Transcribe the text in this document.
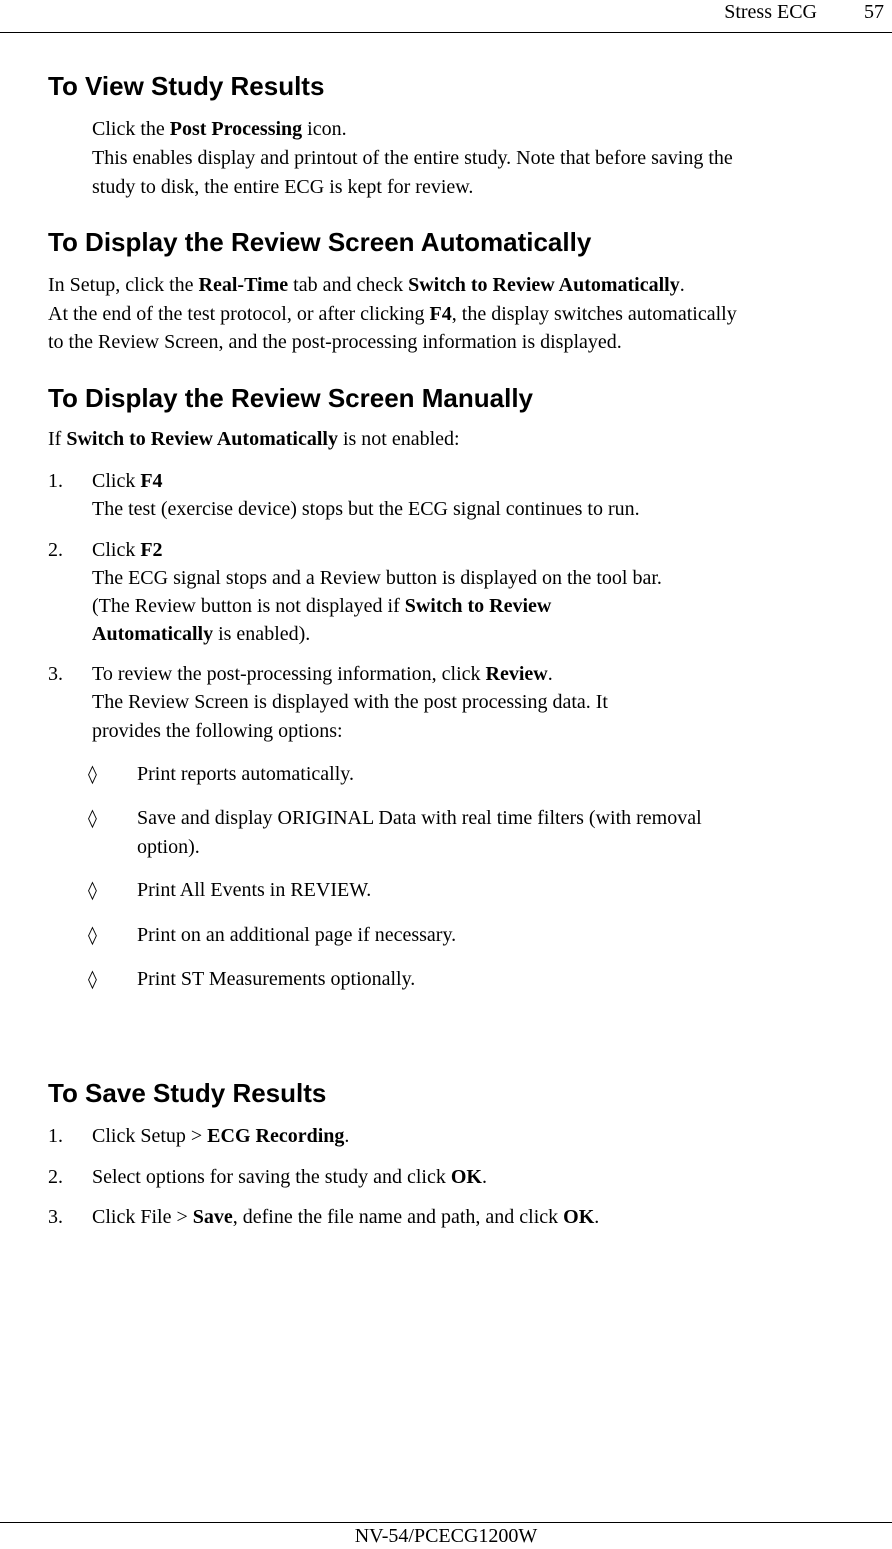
Stress ECG 57
To View Study Results
Click the Post Processing icon.
This enables display and printout of the entire study. Note that before saving the
study to disk, the entire ECG is kept for review.
To Display the Review Screen Automatically
In Setup, click the Real-Time tab and check Switch to Review Automatically.
At the end of the test protocol, or after clicking F4, the display switches automatically
to the Review Screen, and the post-processing information is displayed.
To Display the Review Screen Manually
If Switch to Review Automatically is not enabled:
1. Click F4
The test (exercise device) stops but the ECG signal continues to run.
2. Click F2
The ECG signal stops and a Review button is displayed on the tool bar.
(The Review button is not displayed if Switch to Review
Automatically is enabled).
3. To review the post-processing information, click Review.
The Review Screen is displayed with the post processing data. It
provides the following options:
◊ Print reports automatically.
◊ Save and display ORIGINAL Data with real time filters (with removal
option).
◊ Print All Events in REVIEW.
◊ Print on an additional page if necessary.
◊ Print ST Measurements optionally.
To Save Study Results
1. Click Setup > ECG Recording.
2. Select options for saving the study and click OK.
3. Click File > Save, define the file name and path, and click OK.
NV-54/PCECG1200W
